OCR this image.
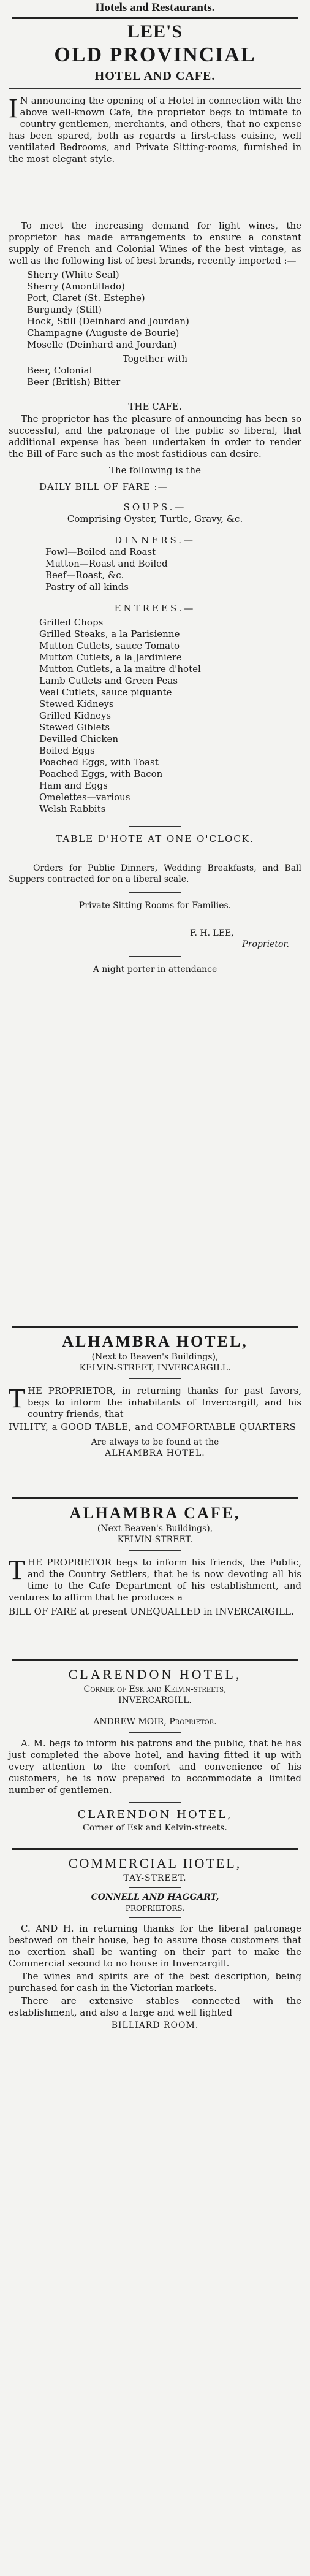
Hotels and Restaurants.
LEE'S
OLD PROVINCIAL
HOTEL AND CAFE.
I N announcing the opening of a Hotel in connection with the above well-known Cafe, the proprietor begs to intimate to country gentlemen, merchants, and others, that no expense has been spared, both as regards a first-class cuisine, well ventilated Bedrooms, and Private Sitting-rooms, furnished in the most elegant style.
To meet the increasing demand for light wines, the proprietor has made arrangements to ensure a constant supply of French and Colonial Wines of the best vintage, as well as the following list of best brands, recently imported :—
Sherry (White Seal)
Sherry (Amontillado)
Port, Claret (St. Estephe)
Burgundy (Still)
Hock, Still (Deinhard and Jourdan)
Champagne (Auguste de Bourie)
Moselle (Deinhard and Jourdan)
Together with
Beer, Colonial
Beer (British) Bitter
THE CAFE.
The proprietor has the pleasure of announcing has been so successful, and the patronage of the public so liberal, that additional expense has been undertaken in order to render the Bill of Fare such as the most fastidious can desire.
The following is the
DAILY BILL OF FARE :—
SOUPS.—
Comprising Oyster, Turtle, Gravy, &c.
DINNERS.—
Fowl—Boiled and Roast
Mutton—Roast and Boiled
Beef—Roast, &c.
Pastry of all kinds
ENTREES.—
Grilled Chops
Grilled Steaks, a la Parisienne
Mutton Cutlets, sauce Tomato
Mutton Cutlets, a la Jardiniere
Mutton Cutlets, a la maitre d'hotel
Lamb Cutlets and Green Peas
Veal Cutlets, sauce piquante
Stewed Kidneys
Grilled Kidneys
Stewed Giblets
Devilled Chicken
Boiled Eggs
Poached Eggs, with Toast
Poached Eggs, with Bacon
Ham and Eggs
Omelettes—various
Welsh Rabbits
TABLE D'HOTE AT ONE O'CLOCK.
Orders for Public Dinners, Wedding Breakfasts, and Ball Suppers contracted for on a liberal scale.
Private Sitting Rooms for Families.
F. H. LEE,
Proprietor.
A night porter in attendance
ALHAMBRA HOTEL,
(Next to Beaven's Buildings),
KELVIN-STREET, INVERCARGILL.
THE PROPRIETOR, in returning thanks for past favors, begs to inform the inhabitants of Invercargill, and his country friends, that
IVILITY, a GOOD TABLE, and COMFORTABLE QUARTERS
Are always to be found at the
ALHAMBRA HOTEL.
ALHAMBRA CAFE,
(Next Beaven's Buildings),
KELVIN-STREET.
THE PROPRIETOR begs to inform his friends, the Public, and the Country Settlers, that he is now devoting all his time to the Cafe Department of his establishment, and ventures to affirm that he produces a
BILL OF FARE at present UNEQUALLED in INVERCARGILL.
CLARENDON HOTEL,
Corner of Esk and Kelvin-streets,
INVERCARGILL.
ANDREW MOIR, Proprietor.
A. M. begs to inform his patrons and the public, that he has just completed the above hotel, and having fitted it up with every attention to the comfort and convenience of his customers, he is now prepared to accommodate a limited number of gentlemen.
CLARENDON HOTEL,
Corner of Esk and Kelvin-streets.
COMMERCIAL HOTEL,
TAY-STREET.
CONNELL AND HAGGART,
PROPRIETORS.
C. AND H. in returning thanks for the liberal patronage bestowed on their house, beg to assure those customers that no exertion shall be wanting on their part to make the Commercial second to no house in Invercargill.
The wines and spirits are of the best description, being purchased for cash in the Victorian markets.
There are extensive stables connected with the establishment, and also a large and well lighted
BILLIARD ROOM.
